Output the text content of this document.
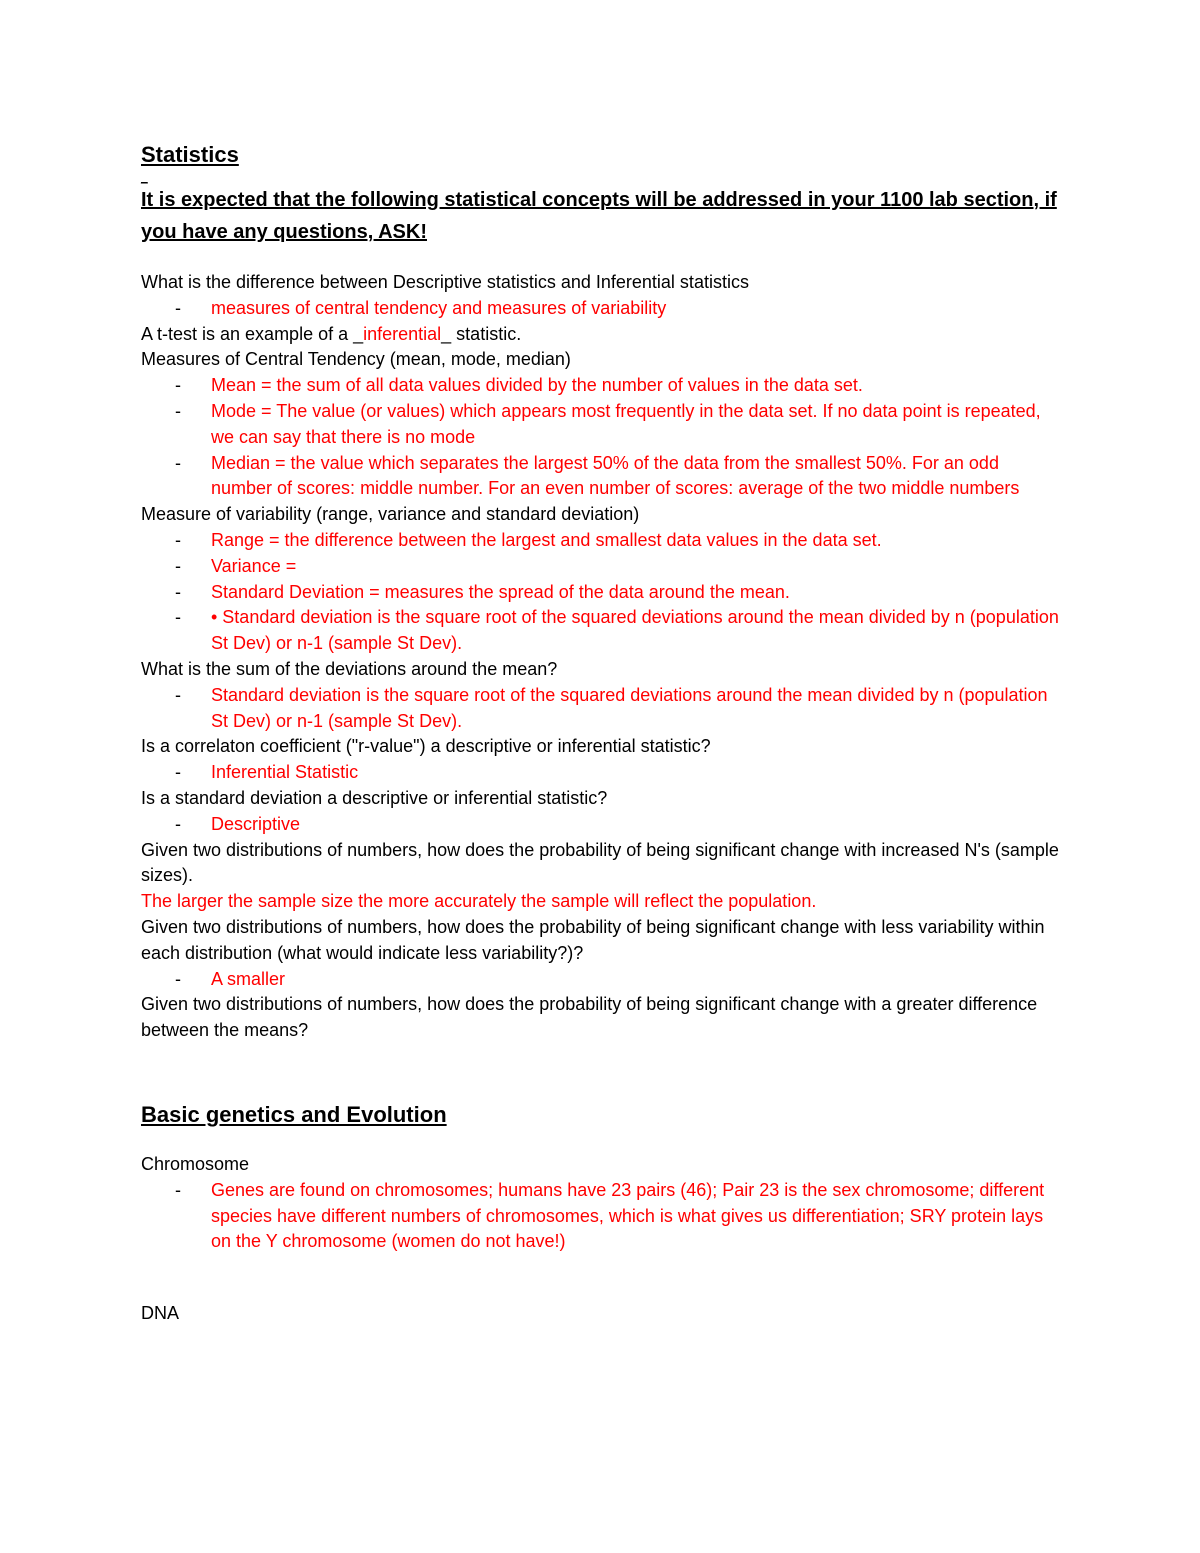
Statistics
_
It is expected that the following statistical concepts will be addressed in your 1100 lab section, if you have any questions, ASK!
What is the difference between Descriptive statistics and Inferential statistics
- measures of central tendency and measures of variability
A t-test is an example of a _inferential_ statistic.
Measures of Central Tendency (mean, mode, median)
- Mean = the sum of all data values divided by the number of values in the data set.
- Mode = The value (or values) which appears most frequently in the data set. If no data point is repeated, we can say that there is no mode
- Median = the value which separates the largest 50% of the data from the smallest 50%. For an odd number of scores: middle number. For an even number of scores: average of the two middle numbers
Measure of variability (range, variance and standard deviation)
- Range = the difference between the largest and smallest data values in the data set.
- Variance =
- Standard Deviation = measures the spread of the data around the mean.
- • Standard deviation is the square root of the squared deviations around the mean divided by n (population St Dev) or n-1 (sample St Dev).
What is the sum of the deviations around the mean?
- Standard deviation is the square root of the squared deviations around the mean divided by n (population St Dev) or n-1 (sample St Dev).
Is a correlaton coefficient ("r-value") a descriptive or inferential statistic?
- Inferential Statistic
Is a standard deviation a descriptive or inferential statistic?
- Descriptive
Given two distributions of numbers, how does the probability of being significant change with increased N's (sample sizes).
The larger the sample size the more accurately the sample will reflect the population.
Given two distributions of numbers, how does the probability of being significant change with less variability within each distribution (what would indicate less variability?)?
- A smaller
Given two distributions of numbers, how does the probability of being significant change with a greater difference between the means?
Basic genetics and Evolution
Chromosome
- Genes are found on chromosomes; humans have 23 pairs (46); Pair 23 is the sex chromosome; different species have different numbers of chromosomes, which is what gives us differentiation; SRY protein lays on the Y chromosome (women do not have!)
DNA
